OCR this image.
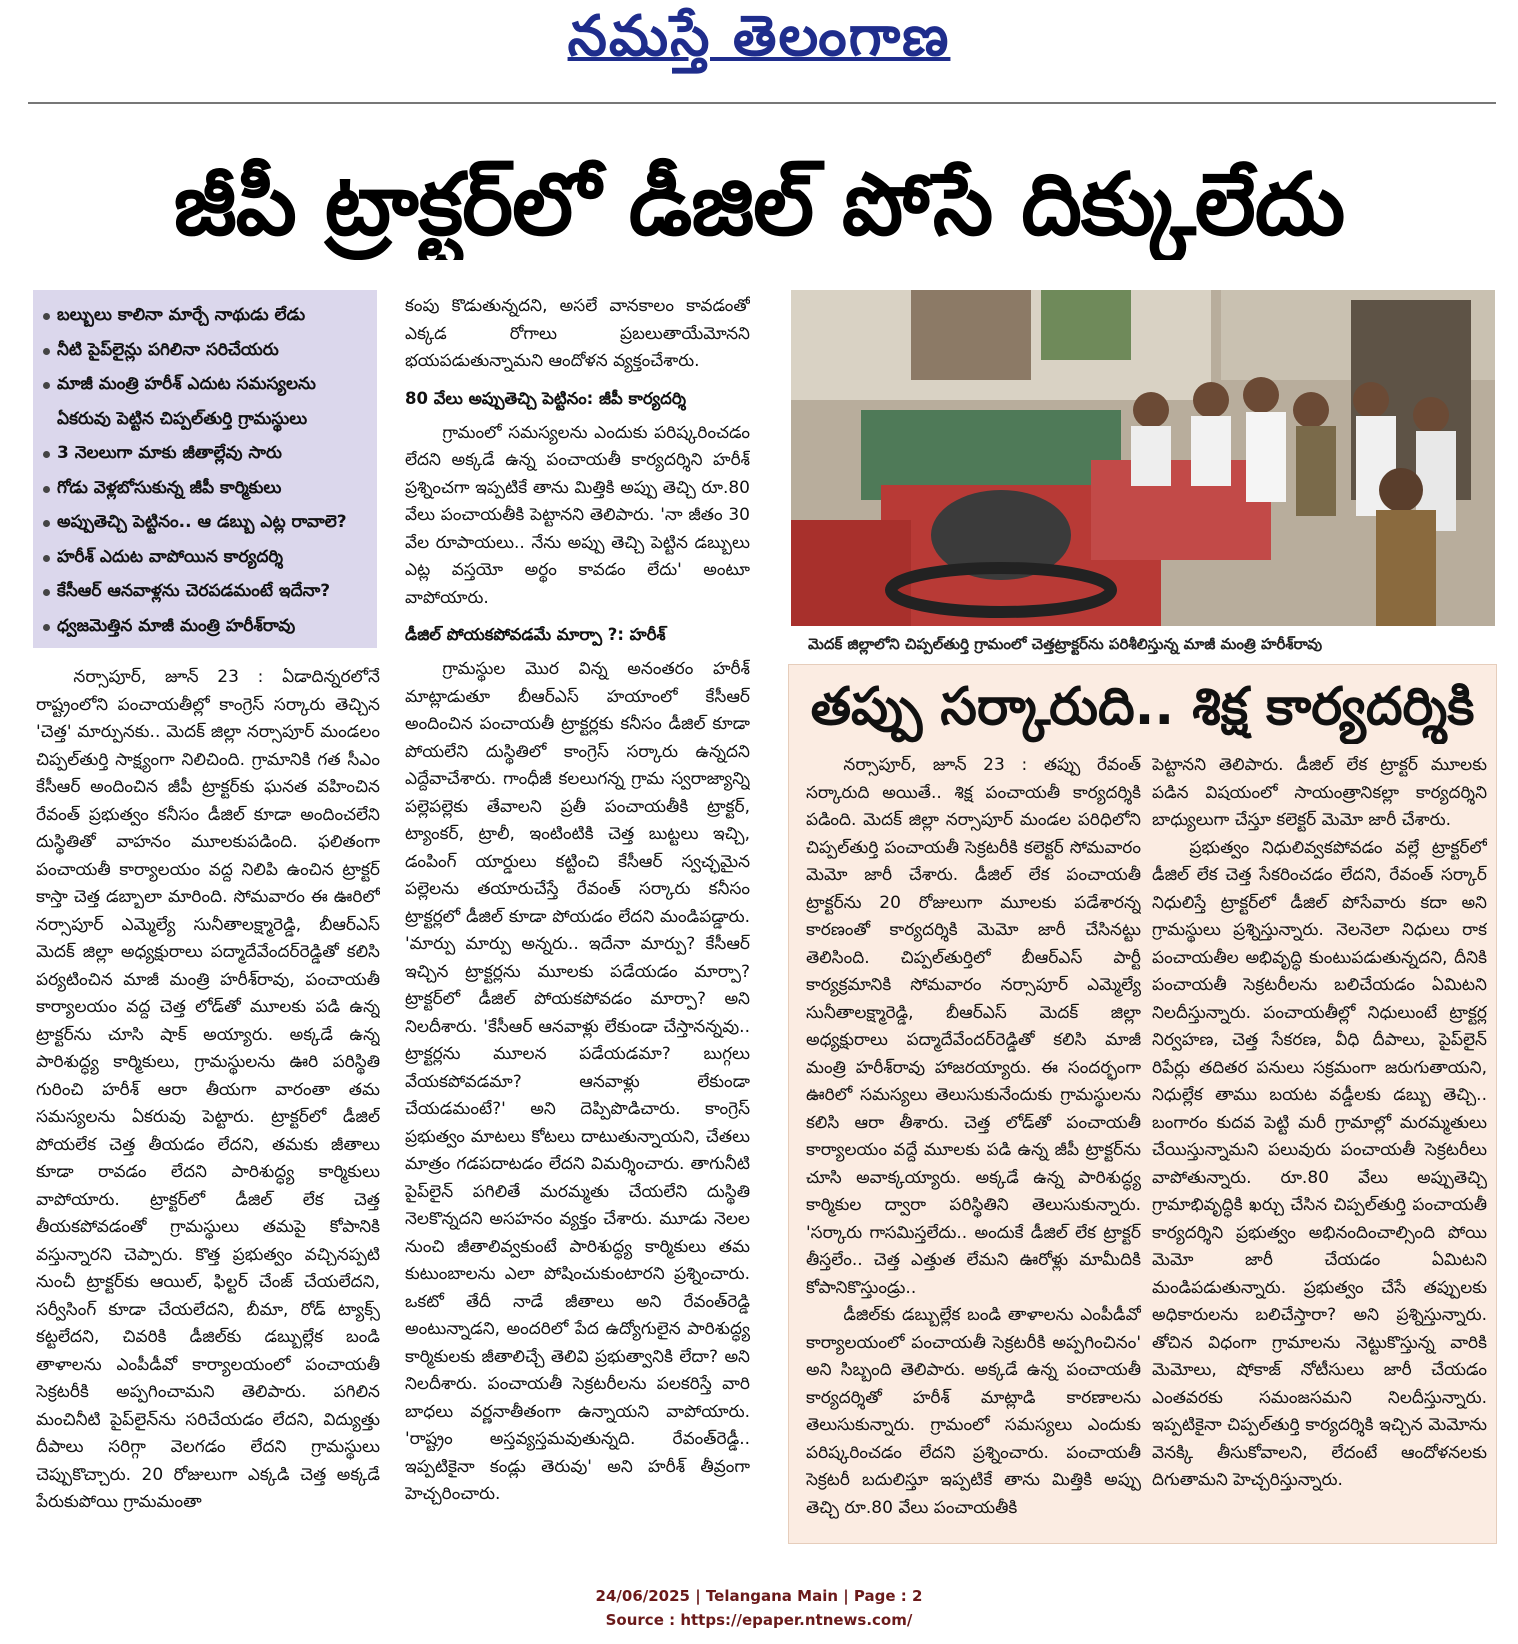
నమస్తే తెలంగాణ
జీపీ ట్రాక్టర్‌లో డీజిల్ పోసే దిక్కులేదు
బల్బులు కాలినా మార్చే నాథుడు లేడు
నీటి పైప్‌లైన్లు పగిలినా సరిచేయరు
మాజీ మంత్రి హరీశ్ ఎదుట సమస్యలను
ఏకరువు పెట్టిన చిప్పల్‌తుర్తి గ్రామస్థులు
3 నెలలుగా మాకు జీతాల్లేవు సారు
గోడు వెళ్లబోసుకున్న జీపీ కార్మికులు
అప్పుతెచ్చి పెట్టినం.. ఆ డబ్బు ఎట్ల రావాలె?
హరీశ్ ఎదుట వాపోయిన కార్యదర్శి
కేసీఆర్ ఆనవాళ్లను చెరపడమంటే ఇదేనా?
ధ్వజమెత్తిన మాజీ మంత్రి హరీశ్‌రావు

నర్సాపూర్, జూన్ 23 : ఏడాదిన్నరలోనే రాష్ట్రంలోని పంచాయతీల్లో కాంగ్రెస్ సర్కారు తెచ్చిన 'చెత్త' మార్పునకు.. మెదక్ జిల్లా నర్సాపూర్ మండలం చిప్పల్‌తుర్తి సాక్ష్యంగా నిలిచింది. గ్రామానికి గత సీఎం కేసీఆర్ అందించిన జీపీ ట్రాక్టర్‌కు ఘనత వహించిన రేవంత్ ప్రభుత్వం కనీసం డీజిల్ కూడా అందించలేని దుస్థితితో వాహనం మూలకుపడింది. ఫలితంగా పంచాయతీ కార్యాలయం వద్ద నిలిపి ఉంచిన ట్రాక్టర్ కాస్తా చెత్త డబ్బాలా మారింది. సోమవారం ఈ ఊరిలో నర్సాపూర్ ఎమ్మెల్యే సునీతాలక్ష్మారెడ్డి, బీఆర్ఎస్ మెదక్ జిల్లా అధ్యక్షురాలు పద్మాదేవేందర్‌రెడ్డితో కలిసి పర్యటించిన మాజీ మంత్రి హరీశ్‌రావు, పంచాయతీ కార్యాలయం వద్ద చెత్త లోడ్‌తో మూలకు పడి ఉన్న ట్రాక్టర్‌ను చూసి షాక్ అయ్యారు. అక్కడే ఉన్న పారిశుద్ధ్య కార్మికులు, గ్రామస్థులను ఊరి పరిస్థితి గురించి హరీశ్ ఆరా తీయగా వారంతా తమ సమస్యలను ఏకరువు పెట్టారు. ట్రాక్టర్‌లో డీజిల్ పోయలేక చెత్త తీయడం లేదని, తమకు జీతాలు కూడా రావడం లేదని పారిశుద్ధ్య కార్మికులు వాపోయారు. ట్రాక్టర్‌లో డీజిల్ లేక చెత్త తీయకపోవడంతో గ్రామస్థులు తమపై కోపానికి వస్తున్నారని చెప్పారు. కొత్త ప్రభుత్వం వచ్చినప్పటి నుంచీ ట్రాక్టర్‌కు ఆయిల్, ఫిల్టర్ చేంజ్ చేయలేదని, సర్వీసింగ్ కూడా చేయలేదని, బీమా, రోడ్ ట్యాక్స్ కట్టలేదని, చివరికి డీజిల్‌కు డబ్బుల్లేక బండి తాళాలను ఎంపీడీవో కార్యాలయంలో పంచాయతీ సెక్రటరీకి అప్పగించామని తెలిపారు. పగిలిన మంచినీటి పైప్‌లైన్‌ను సరిచేయడం లేదని, విద్యుత్తు దీపాలు సరిగ్గా వెలగడం లేదని గ్రామస్థులు చెప్పుకొచ్చారు. 20 రోజులుగా ఎక్కడి చెత్త అక్కడే పేరుకుపోయి గ్రామమంతా

కంపు కొడుతున్నదని, అసలే వానకాలం కావడంతో ఎక్కడ రోగాలు ప్రబలుతాయేమోనని భయపడుతున్నామని ఆందోళన వ్యక్తంచేశారు.

80 వేలు అప్పుతెచ్చి పెట్టినం: జీపీ కార్యదర్శి

గ్రామంలో సమస్యలను ఎందుకు పరిష్కరించడం లేదని అక్కడే ఉన్న పంచాయతీ కార్యదర్శిని హరీశ్ ప్రశ్నించగా ఇప్పటికే తాను మిత్తికి అప్పు తెచ్చి రూ.80 వేలు పంచాయతీకి పెట్టానని తెలిపారు. 'నా జీతం 30 వేల రూపాయలు.. నేను అప్పు తెచ్చి పెట్టిన డబ్బులు ఎట్ల వస్తయో అర్థం కావడం లేదు' అంటూ వాపోయారు.

డీజిల్ పోయకపోవడమే మార్పా ?: హరీశ్

గ్రామస్థుల మొర విన్న అనంతరం హరీశ్ మాట్లాడుతూ బీఆర్ఎస్ హయాంలో కేసీఆర్ అందించిన పంచాయతీ ట్రాక్టర్లకు కనీసం డీజిల్ కూడా పోయలేని దుస్థితిలో కాంగ్రెస్ సర్కారు ఉన్నదని ఎద్దేవాచేశారు. గాంధీజీ కలలుగన్న గ్రామ స్వరాజ్యాన్ని పల్లెపల్లెకు తేవాలని ప్రతీ పంచాయతీకి ట్రాక్టర్, ట్యాంకర్, ట్రాలీ, ఇంటింటికి చెత్త బుట్టలు ఇచ్చి, డంపింగ్ యార్డులు కట్టించి కేసీఆర్ స్వచ్ఛమైన పల్లెలను తయారుచేస్తే రేవంత్ సర్కారు కనీసం ట్రాక్టర్లలో డీజిల్ కూడా పోయడం లేదని మండిపడ్డారు. 'మార్పు మార్పు అన్నరు.. ఇదేనా మార్పు? కేసీఆర్ ఇచ్చిన ట్రాక్టర్లను మూలకు పడేయడం మార్పా? ట్రాక్టర్‌లో డీజిల్ పోయకపోవడం మార్పా? అని నిలదీశారు. 'కేసీఆర్ ఆనవాళ్లు లేకుండా చేస్తానన్నవు.. ట్రాక్టర్లను మూలన పడేయడమా? బుగ్గలు వేయకపోవడమా? ఆనవాళ్లు లేకుండా చేయడమంటే?' అని దెప్పిపొడిచారు. కాంగ్రెస్ ప్రభుత్వం మాటలు కోటలు దాటుతున్నాయని, చేతలు మాత్రం గడపదాటడం లేదని విమర్శించారు. తాగునీటి పైప్‌లైన్ పగిలితే మరమ్మతు చేయలేని దుస్థితి నెలకొన్నదని అసహనం వ్యక్తం చేశారు. మూడు నెలల నుంచి జీతాలివ్వకుంటే పారిశుద్ధ్య కార్మికులు తమ కుటుంబాలను ఎలా పోషించుకుంటారని ప్రశ్నించారు. ఒకటో తేదీ నాడే జీతాలు అని రేవంత్‌రెడ్డి అంటున్నాడని, అందరిలో పేద ఉద్యోగులైన పారిశుద్ధ్య కార్మికులకు జీతాలిచ్చే తెలివి ప్రభుత్వానికి లేదా? అని నిలదీశారు. పంచాయతీ సెక్రటరీలను పలకరిస్తే వారి బాధలు వర్ణనాతీతంగా ఉన్నాయని వాపోయారు. 'రాష్ట్రం అస్తవ్యస్తమవుతున్నది. రేవంత్‌రెడ్డీ.. ఇప్పటికైనా కండ్లు తెరువు' అని హరీశ్ తీవ్రంగా హెచ్చరించారు.

మెదక్ జిల్లాలోని చిప్పల్‌తుర్తి గ్రామంలో చెత్తట్రాక్టర్‌ను పరిశీలిస్తున్న మాజీ మంత్రి హరీశ్‌రావు
తప్పు సర్కారుది.. శిక్ష కార్యదర్శికి

నర్సాపూర్, జూన్ 23 : తప్పు రేవంత్ సర్కారుది అయితే.. శిక్ష పంచాయతీ కార్యదర్శికి పడింది. మెదక్ జిల్లా నర్సాపూర్ మండల పరిధిలోని చిప్పల్‌తుర్తి పంచాయతీ సెక్రటరీకి కలెక్టర్ సోమవారం మెమో జారీ చేశారు. డీజిల్ లేక పంచాయతీ ట్రాక్టర్‌ను 20 రోజులుగా మూలకు పడేశారన్న కారణంతో కార్యదర్శికి మెమో జారీ చేసినట్టు తెలిసింది. చిప్పల్‌తుర్తిలో బీఆర్ఎస్ పార్టీ కార్యక్రమానికి సోమవారం నర్సాపూర్ ఎమ్మెల్యే సునీతాలక్ష్మారెడ్డి, బీఆర్ఎస్ మెదక్ జిల్లా అధ్యక్షురాలు పద్మాదేవేందర్‌రెడ్డితో కలిసి మాజీ మంత్రి హరీశ్‌రావు హాజరయ్యారు. ఈ సందర్భంగా ఊరిలో సమస్యలు తెలుసుకునేందుకు గ్రామస్థులను కలిసి ఆరా తీశారు. చెత్త లోడ్‌తో పంచాయతీ కార్యాలయం వద్దే మూలకు పడి ఉన్న జీపీ ట్రాక్టర్‌ను చూసి అవాక్కయ్యారు. అక్కడే ఉన్న పారిశుద్ధ్య కార్మికుల ద్వారా పరిస్థితిని తెలుసుకున్నారు. 'సర్కారు గాసమిస్తలేదు.. అందుకే డీజిల్ లేక ట్రాక్టర్ తీస్తలేం.. చెత్త ఎత్తుత లేమని ఊరోళ్లు మామీదికి కోపానికొస్తుండ్రు..

డీజిల్‌కు డబ్బుల్లేక బండి తాళాలను ఎంపీడీవో కార్యాలయంలో పంచాయతీ సెక్రటరీకి అప్పగించినం' అని సిబ్బంది తెలిపారు. అక్కడే ఉన్న పంచాయతీ కార్యదర్శితో హరీశ్ మాట్లాడి కారణాలను తెలుసుకున్నారు. గ్రామంలో సమస్యలు ఎందుకు పరిష్కరించడం లేదని ప్రశ్నించారు. పంచాయతీ సెక్రటరీ బదులిస్తూ ఇప్పటికే తాను మిత్తికి అప్పు తెచ్చి రూ.80 వేలు పంచాయతీకి

పెట్టానని తెలిపారు. డీజిల్ లేక ట్రాక్టర్ మూలకు పడిన విషయంలో సాయంత్రానికల్లా కార్యదర్శిని బాధ్యులుగా చేస్తూ కలెక్టర్ మెమో జారీ చేశారు.

ప్రభుత్వం నిధులివ్వకపోవడం వల్లే ట్రాక్టర్‌లో డీజిల్ లేక చెత్త సేకరించడం లేదని, రేవంత్ సర్కార్ నిధులిస్తే ట్రాక్టర్‌లో డీజిల్ పోసేవారు కదా అని గ్రామస్థులు ప్రశ్నిస్తున్నారు. నెలనెలా నిధులు రాక పంచాయతీల అభివృద్ధి కుంటుపడుతున్నదని, దీనికి పంచాయతీ సెక్రటరీలను బలిచేయడం ఏమిటని నిలదీస్తున్నారు. పంచాయతీల్లో నిధులుంటే ట్రాక్టర్ల నిర్వహణ, చెత్త సేకరణ, వీధి దీపాలు, పైప్‌లైన్ రిపేర్లు తదితర పనులు సక్రమంగా జరుగుతాయని, నిధుల్లేక తాము బయట వడ్డీలకు డబ్బు తెచ్చి.. బంగారం కుదవ పెట్టి మరీ గ్రామాల్లో మరమ్మతులు చేయిస్తున్నామని పలువురు పంచాయతీ సెక్రటరీలు వాపోతున్నారు. రూ.80 వేలు అప్పుతెచ్చి గ్రామాభివృద్ధికి ఖర్చు చేసిన చిప్పల్‌తుర్తి పంచాయతీ కార్యదర్శిని ప్రభుత్వం అభినందించాల్సింది పోయి మెమో జారీ చేయడం ఏమిటని మండిపడుతున్నారు. ప్రభుత్వం చేసే తప్పులకు అధికారులను బలిచేస్తారా? అని ప్రశ్నిస్తున్నారు. తోచిన విధంగా గ్రామాలను నెట్టుకొస్తున్న వారికి మెమోలు, షోకాజ్ నోటీసులు జారీ చేయడం ఎంతవరకు సమంజసమని నిలదీస్తున్నారు. ఇప్పటికైనా చిప్పల్‌తుర్తి కార్యదర్శికి ఇచ్చిన మెమోను వెనక్కి తీసుకోవాలని, లేదంటే ఆందోళనలకు దిగుతామని హెచ్చరిస్తున్నారు.

24/06/2025 | Telangana Main | Page : 2
Source : https://epaper.ntnews.com/
